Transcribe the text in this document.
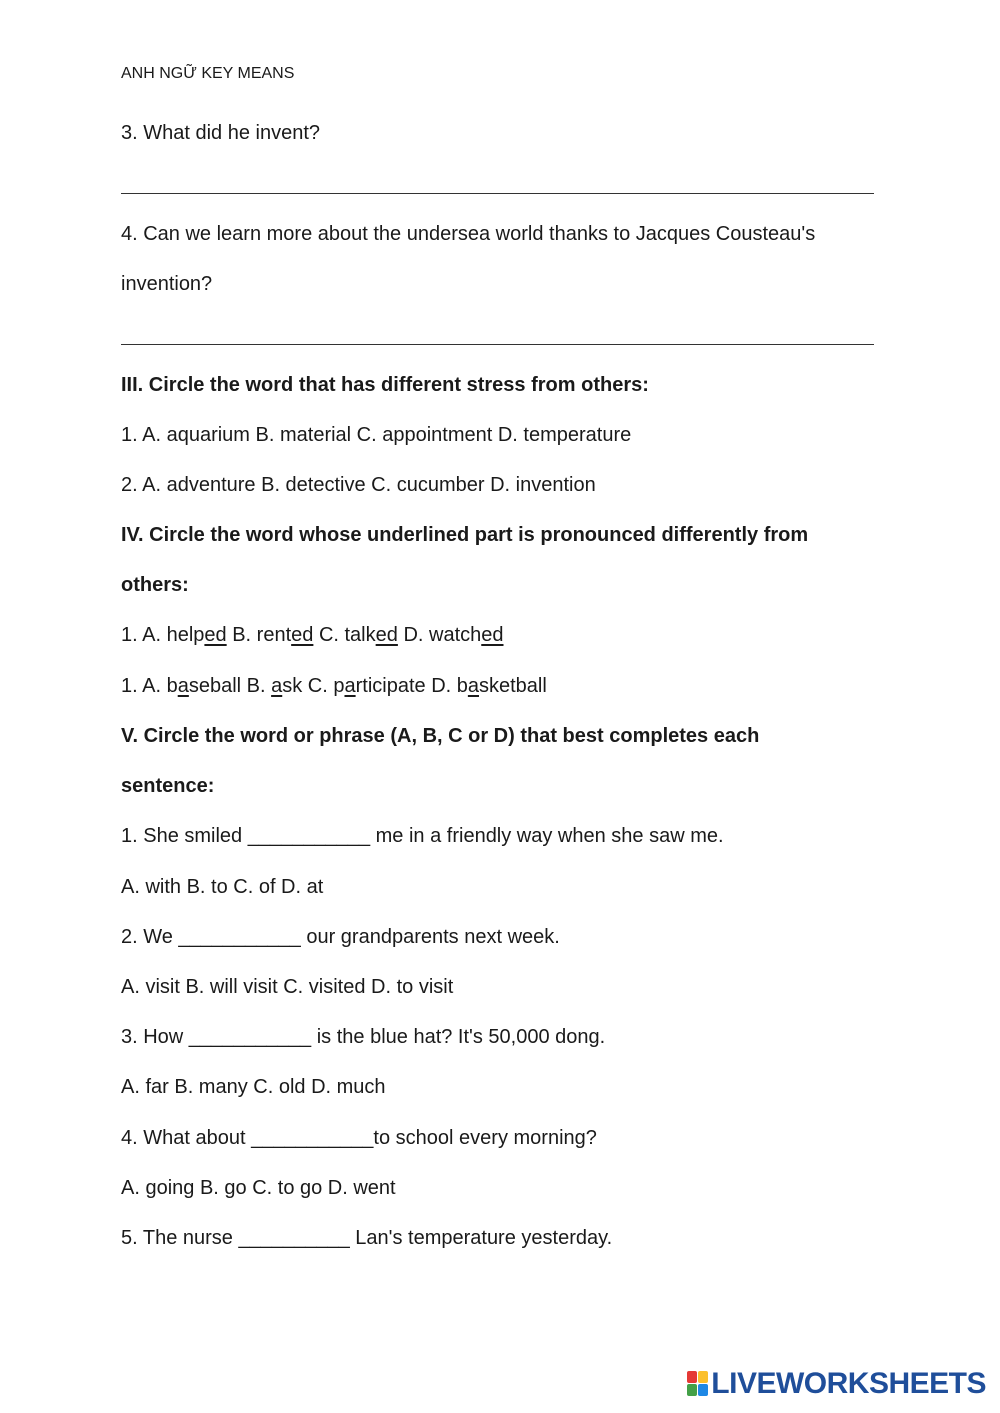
ANH NGỮ KEY MEANS
3. What did he invent?
4. Can we learn more about the undersea world thanks to Jacques Cousteau's
invention?
III. Circle the word that has different stress from others:
1. A. aquarium B. material C. appointment D. temperature
2. A. adventure B. detective C. cucumber D. invention
IV. Circle the word whose underlined part is pronounced differently from
others:
1. A. helped B. rented C. talked D. watched
1. A. baseball B. ask C. participate D. basketball
V. Circle the word or phrase (A, B, C or D) that best completes each
sentence:
1. She smiled ___________ me in a friendly way when she saw me.
A. with B. to C. of D. at
2. We ___________ our grandparents next week.
A. visit B. will visit C. visited D. to visit
3. How ___________ is the blue hat? It's 50,000 dong.
A. far B. many C. old D. much
4. What about ___________to school every morning?
A. going B. go C. to go D. went
5. The nurse __________ Lan's temperature yesterday.
LIVEWORKSHEETS
